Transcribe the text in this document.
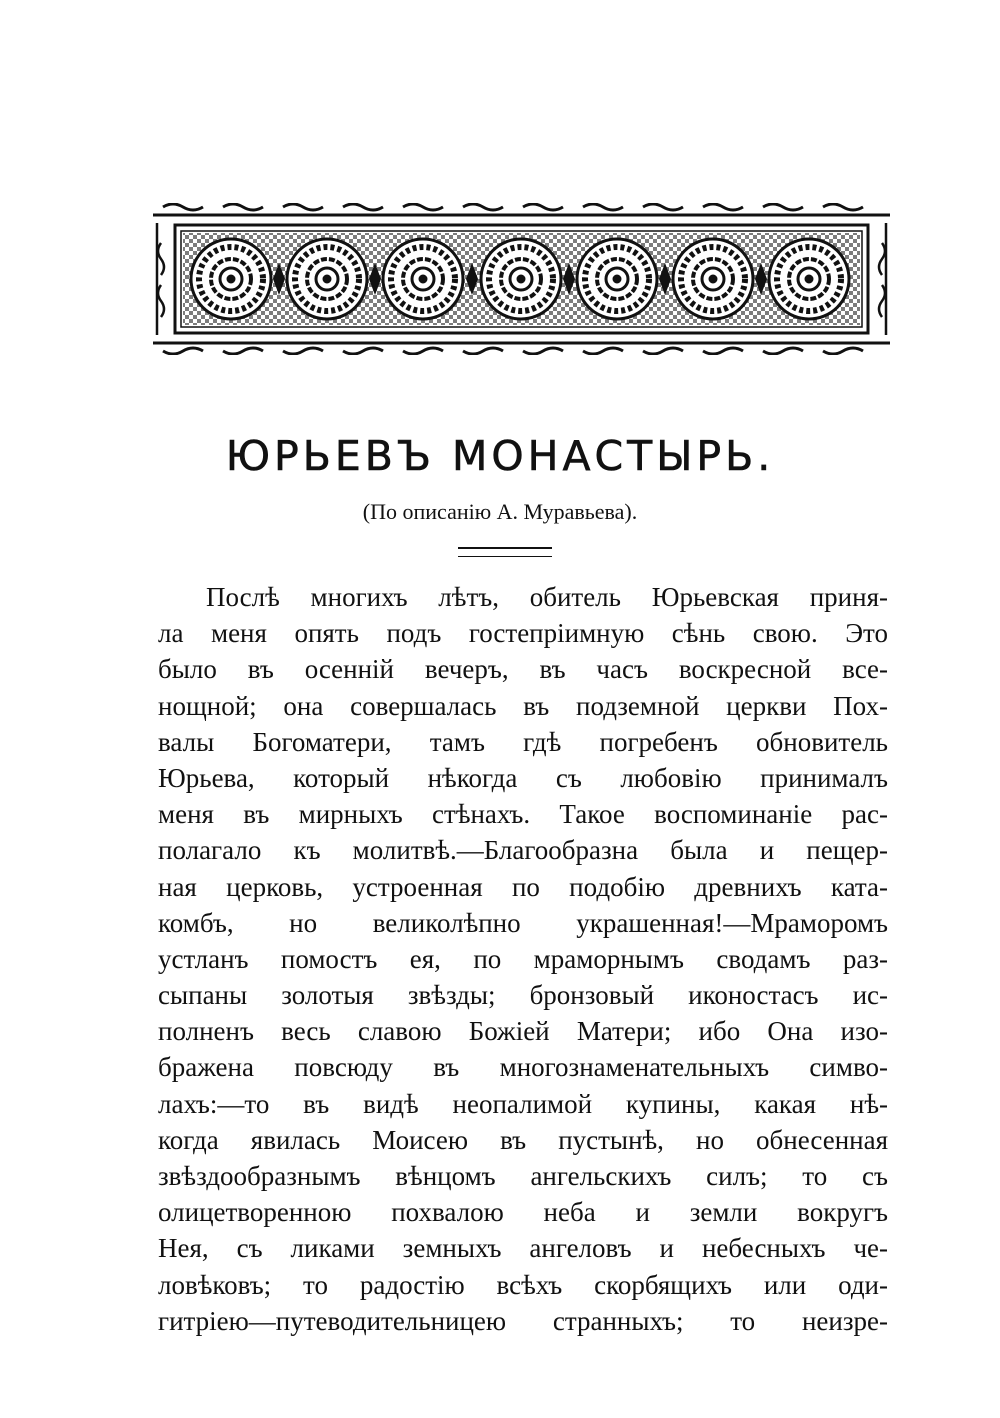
ЮРЬЕВЪ МОНАСТЫРЬ.
(По описанію А. Муравьева).
Послѣ многихъ лѣтъ, обитель Юрьевская приня-
ла меня опять подъ гостепріимную сѣнь свою. Это
было въ осенній вечеръ, въ часъ воскресной все-
нощной; она совершалась въ подземной церкви Пох-
валы Богоматери, тамъ гдѣ погребенъ обновитель
Юрьева, который нѣкогда съ любовію принималъ
меня въ мирныхъ стѣнахъ. Такое воспоминаніе рас-
полагало къ молитвѣ.—Благообразна была и пещер-
ная церковь, устроенная по подобію древнихъ ката-
комбъ, но великолѣпно украшенная!—Мраморомъ
устланъ помостъ ея, по мраморнымъ сводамъ раз-
сыпаны золотыя звѣзды; бронзовый иконостасъ ис-
полненъ весь славою Божіей Матери; ибо Она изо-
бражена повсюду въ многознаменательныхъ симво-
лахъ:—то въ видѣ неопалимой купины, какая нѣ-
когда явилась Моисею въ пустынѣ, но обнесенная
звѣздообразнымъ вѣнцомъ ангельскихъ силъ; то съ
олицетворенною похвалою неба и земли вокругъ
Нея, съ ликами земныхъ ангеловъ и небесныхъ че-
ловѣковъ; то радостію всѣхъ скорбящихъ или оди-
гитріею—путеводительницею странныхъ; то неизре-
